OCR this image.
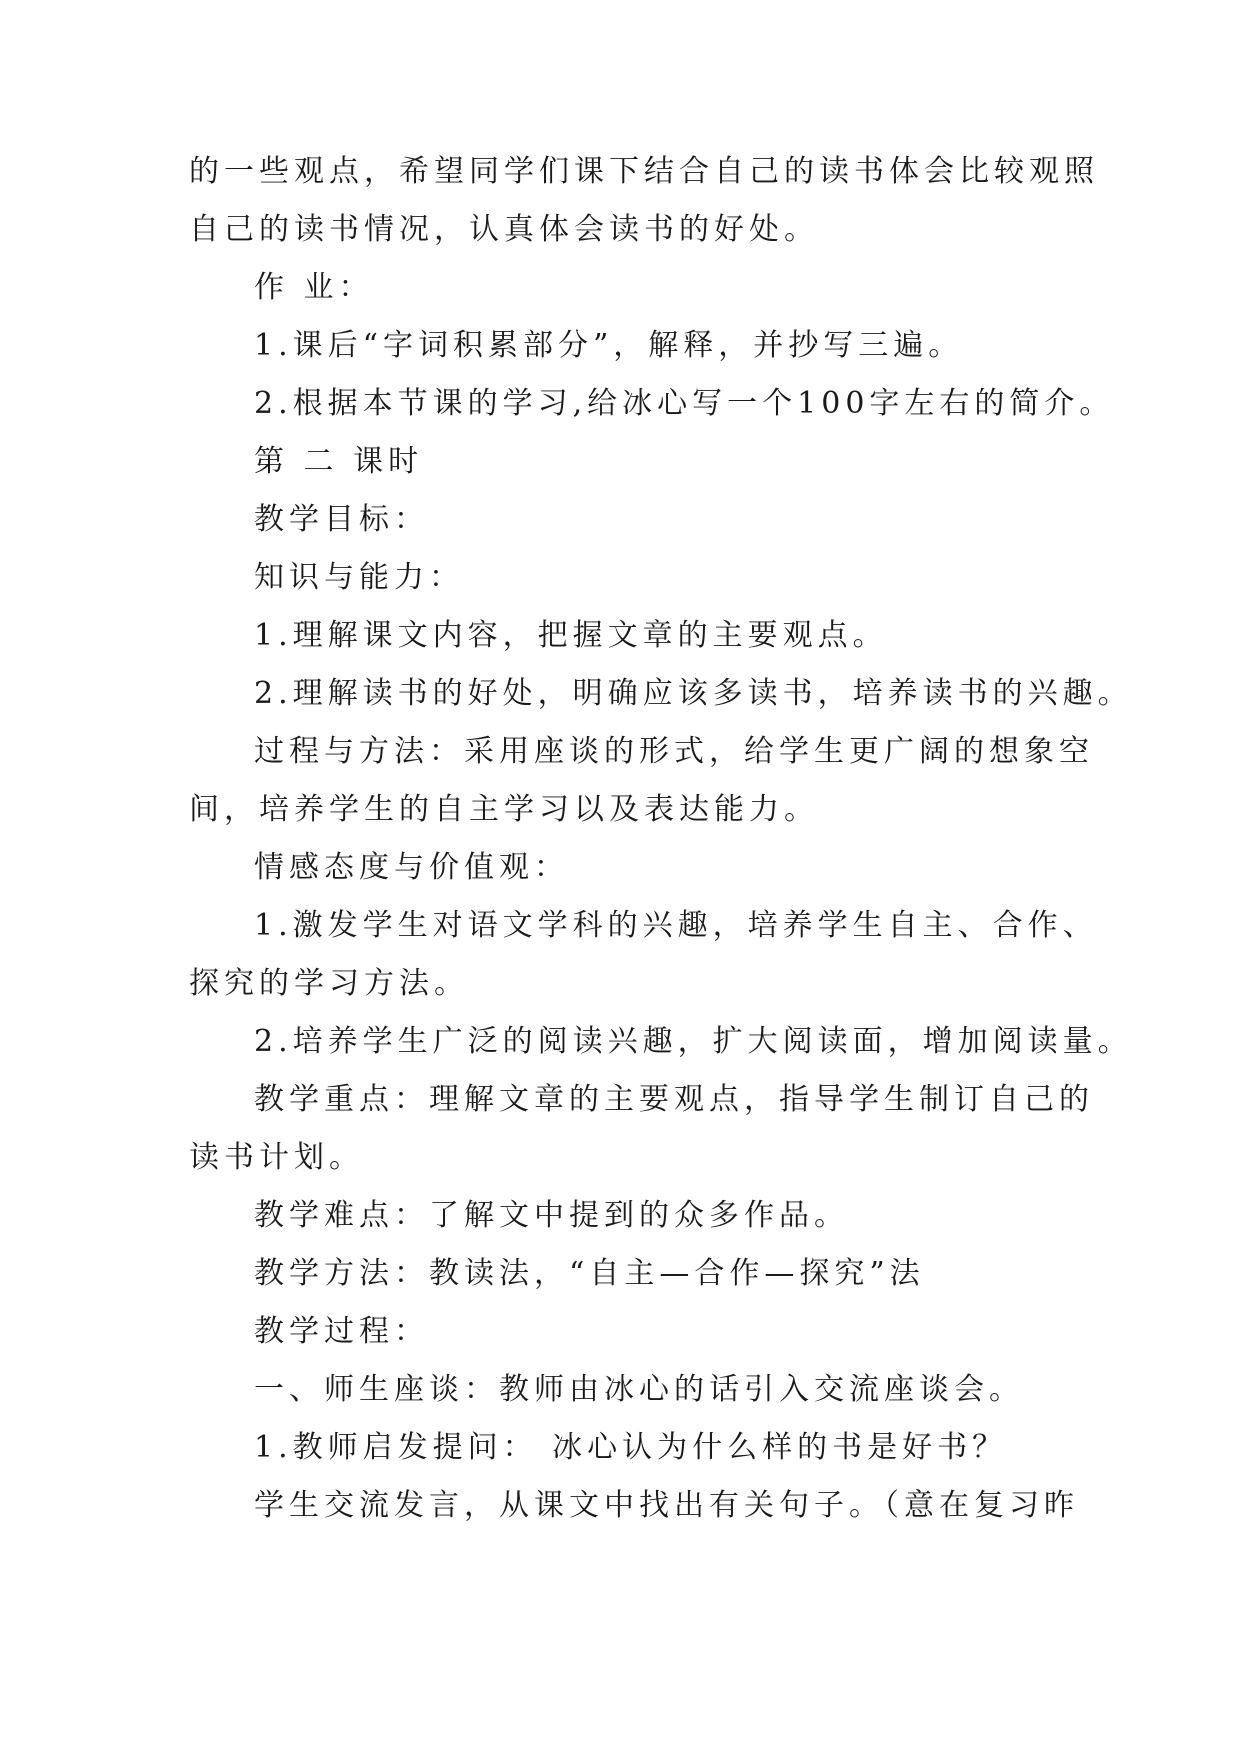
的一些观点，希望同学们课下结合自己的读书体会比较观照
自己的读书情况，认真体会读书的好处。
作 业：
1.课后“字词积累部分”，解释，并抄写三遍。
2.根据本节课的学习,给冰心写一个100字左右的简介。
第 二 课时
教学目标：
知识与能力：
1.理解课文内容，把握文章的主要观点。
2.理解读书的好处，明确应该多读书，培养读书的兴趣。
过程与方法：采用座谈的形式，给学生更广阔的想象空
间，培养学生的自主学习以及表达能力。
情感态度与价值观：
1.激发学生对语文学科的兴趣，培养学生自主、合作、
探究的学习方法。
2.培养学生广泛的阅读兴趣，扩大阅读面，增加阅读量。
教学重点：理解文章的主要观点，指导学生制订自己的
读书计划。
教学难点：了解文中提到的众多作品。
教学方法：教读法，“自主—合作—探究”法
教学过程：
一、师生座谈：教师由冰心的话引入交流座谈会。
1.教师启发提问： 冰心认为什么样的书是好书？
学生交流发言，从课文中找出有关句子。（意在复习昨
